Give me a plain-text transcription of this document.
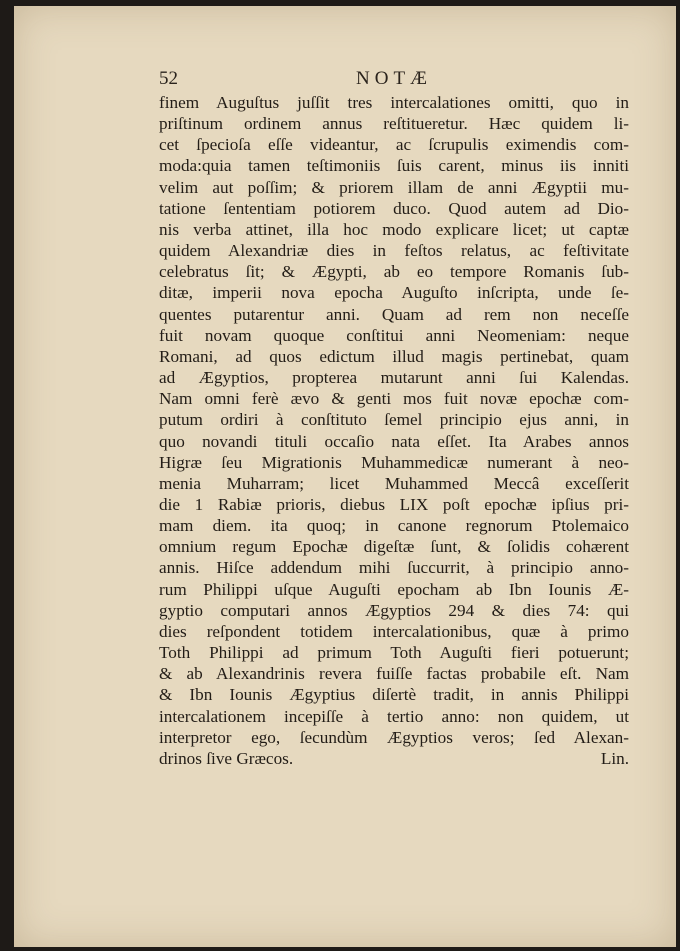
52	NOTÆ
finem Auguſtus juſſit tres intercalationes omitti, quo in
priſtinum ordinem annus reſtitueretur. Hæc quidem li-
cet ſpecioſa eſſe videantur, ac ſcrupulis eximendis com-
moda:quia tamen teſtimoniis ſuis carent, minus iis inniti
velim aut poſſim; & priorem illam de anni Ægyptii mu-
tatione ſententiam potiorem duco. Quod autem ad Dio-
nis verba attinet, illa hoc modo explicare licet; ut captæ
quidem Alexandriæ dies in feſtos relatus, ac feſtivitate
celebratus ſit; & Ægypti, ab eo tempore Romanis ſub-
ditæ, imperii nova epocha Auguſto inſcripta, unde ſe-
quentes putarentur anni. Quam ad rem non neceſſe
fuit novam quoque conſtitui anni Neomeniam: neque
Romani, ad quos edictum illud magis pertinebat, quam
ad Ægyptios, propterea mutarunt anni ſui Kalendas.
Nam omni ferè ævo & genti mos fuit novæ epochæ com-
putum ordiri à conſtituto ſemel principio ejus anni, in
quo novandi tituli occaſio nata eſſet. Ita Arabes annos
Higræ ſeu Migrationis Muhammedicæ numerant à neo-
menia Muharram; licet Muhammed Meccâ exceſſerit
die 1 Rabiæ prioris, diebus LIX poſt epochæ ipſius pri-
mam diem. ita quoq; in canone regnorum Ptolemaico
omnium regum Epochæ digeſtæ ſunt, & ſolidis cohærent
annis. Hiſce addendum mihi ſuccurrit, à principio anno-
rum Philippi uſque Auguſti epocham ab Ibn Iounis Æ-
gyptio computari annos Ægyptios 294 & dies 74: qui
dies reſpondent totidem intercalationibus, quæ à primo
Toth Philippi ad primum Toth Auguſti fieri potuerunt;
& ab Alexandrinis revera fuiſſe factas probabile eſt. Nam
& Ibn Iounis Ægyptius diſertè tradit, in annis Philippi
intercalationem incepiſſe à tertio anno: non quidem, ut
interpretor ego, ſecundùm Ægyptios veros; ſed Alexan-
drinos ſive Græcos.	Lin.
